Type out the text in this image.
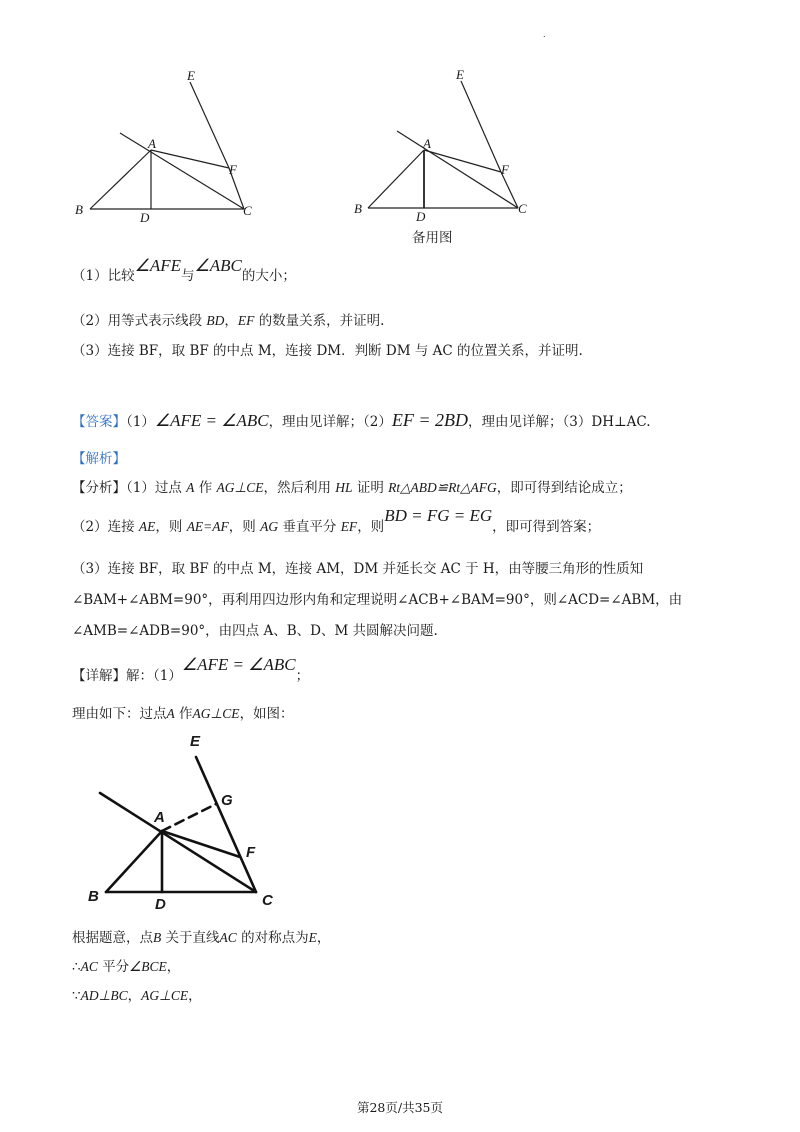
.
E
A
F
B
D	C
E
A
F
B
D
C
备用图
（1）比较∠AFE与∠ABC的大小；
（2）用等式表示线段 BD，EF 的数量关系，并证明.
（3）连接 BF，取 BF 的中点 M，连接 DM．判断 DM 与 AC 的位置关系，并证明.
【答案】（1）∠AFE = ∠ABC，理由见详解；（2）EF = 2BD，理由见详解；（3）DH⊥AC.
【解析】
【分析】（1）过点 A 作 AG⊥CE，然后利用 HL 证明 Rt△ABD≌Rt△AFG，即可得到结论成立；
（2）连接 AE，则 AE=AF，则 AG 垂直平分 EF，则BD = FG = EG，即可得到答案；
（3）连接 BF，取 BF 的中点 M，连接 AM，DM 并延长交 AC 于 H，由等腰三角形的性质知
∠BAM+∠ABM=90°，再利用四边形内角和定理说明∠ACB+∠BAM=90°，则∠ACD=∠ABM，由
∠AMB=∠ADB=90°，由四点 A、B、D、M 共圆解决问题.
【详解】解：（1）∠AFE = ∠ABC；
理由如下：过点A 作AG⊥CE，如图：
E
G
A
F
B	D	C
根据题意，点B 关于直线AC 的对称点为E，
∴AC 平分∠BCE，
∵AD⊥BC，AG⊥CE，
第28页/共35页
